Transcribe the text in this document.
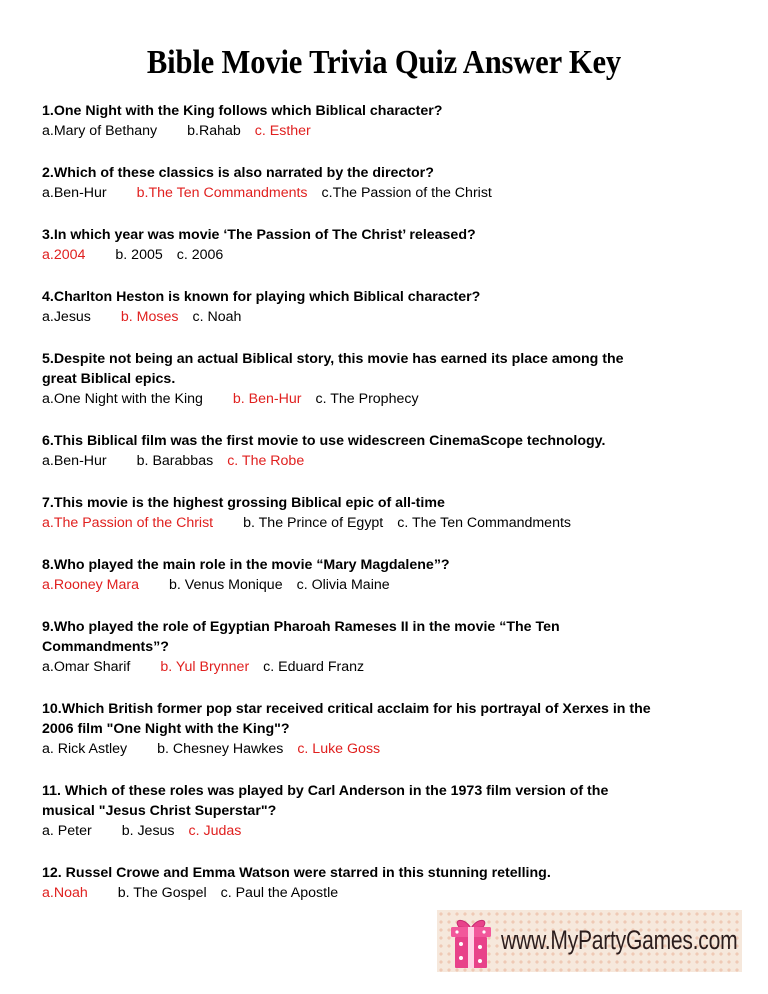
Bible Movie Trivia Quiz Answer Key
1.One Night with the King follows which Biblical character?
a.Mary of Bethany b.Rahab c. Esther
2.Which of these classics is also narrated by the director?
a.Ben-Hur b.The Ten Commandments c.The Passion of the Christ
3.In which year was movie ‘The Passion of The Christ’ released?
a.2004 b. 2005 c. 2006
4.Charlton Heston is known for playing which Biblical character?
a.Jesus b. Moses c. Noah
5.Despite not being an actual Biblical story, this movie has earned its place among the
great Biblical epics.
a.One Night with the King b. Ben-Hur c. The Prophecy
6.This Biblical film was the first movie to use widescreen CinemaScope technology.
a.Ben-Hur b. Barabbas c. The Robe
7.This movie is the highest grossing Biblical epic of all-time
a.The Passion of the Christ b. The Prince of Egypt c. The Ten Commandments
8.Who played the main role in the movie “Mary Magdalene”?
a.Rooney Mara b. Venus Monique c. Olivia Maine
9.Who played the role of Egyptian Pharoah Rameses II in the movie “The Ten
Commandments”?
a.Omar Sharif b. Yul Brynner c. Eduard Franz
10.Which British former pop star received critical acclaim for his portrayal of Xerxes in the
2006 film "One Night with the King"?
a. Rick Astley b. Chesney Hawkes c. Luke Goss
11. Which of these roles was played by Carl Anderson in the 1973 film version of the
musical "Jesus Christ Superstar"?
a. Peter b. Jesus c. Judas
12. Russel Crowe and Emma Watson were starred in this stunning retelling.
a.Noah b. The Gospel c. Paul the Apostle
www.MyPartyGames.com
